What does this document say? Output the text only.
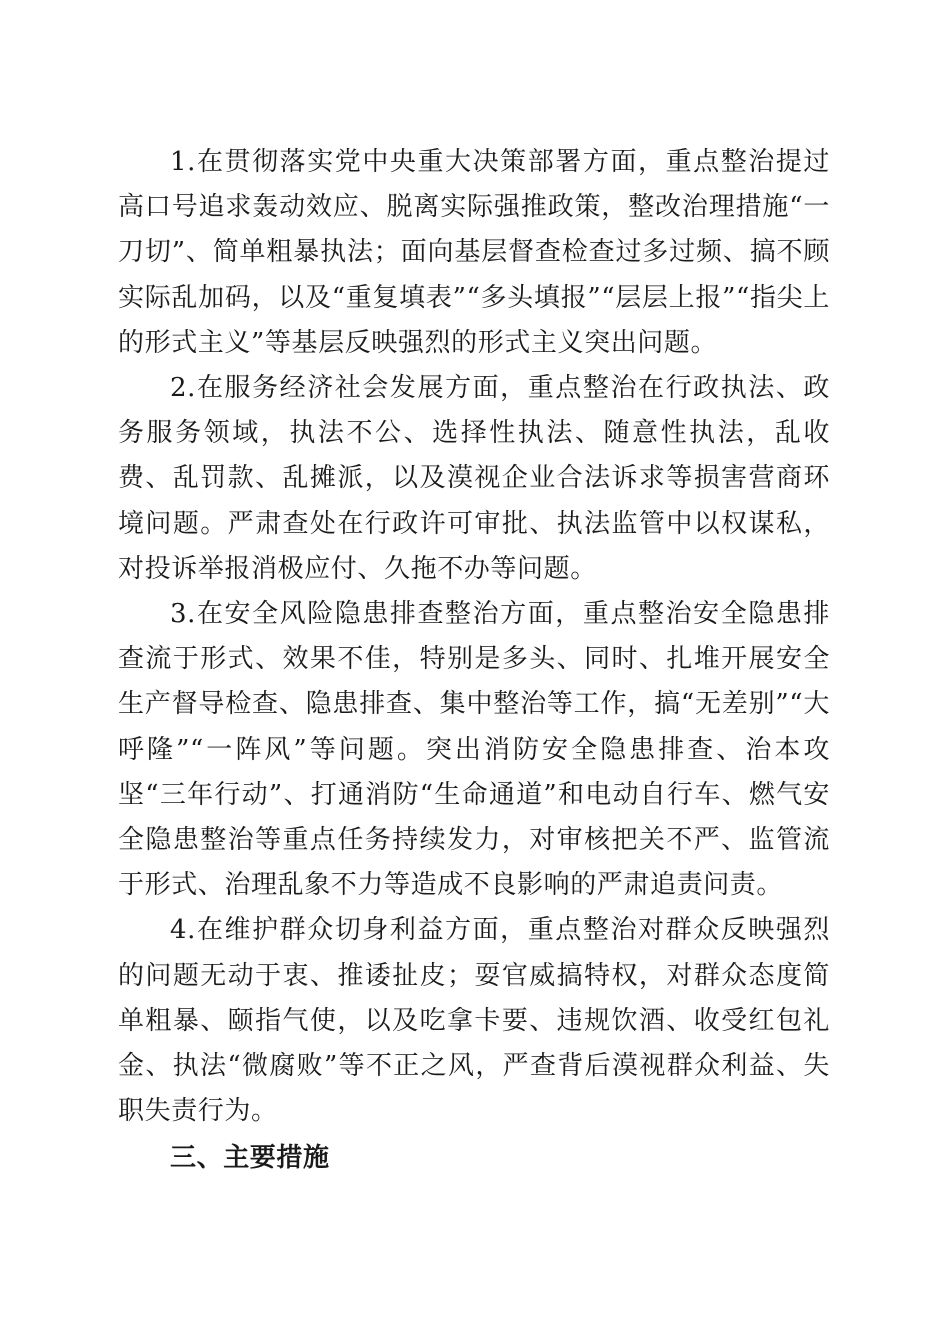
1.在贯彻落实党中央重大决策部署方面，重点整治提过高口号追求轰动效应、脱离实际强推政策，整改治理措施“一刀切”、简单粗暴执法；面向基层督查检查过多过频、搞不顾实际乱加码，以及“重复填表”“多头填报”“层层上报”“指尖上的形式主义”等基层反映强烈的形式主义突出问题。

2.在服务经济社会发展方面，重点整治在行政执法、政务服务领域，执法不公、选择性执法、随意性执法，乱收费、乱罚款、乱摊派，以及漠视企业合法诉求等损害营商环境问题。严肃查处在行政许可审批、执法监管中以权谋私，对投诉举报消极应付、久拖不办等问题。

3.在安全风险隐患排查整治方面，重点整治安全隐患排查流于形式、效果不佳，特别是多头、同时、扎堆开展安全生产督导检查、隐患排查、集中整治等工作，搞“无差别”“大呼隆”“一阵风”等问题。突出消防安全隐患排查、治本攻坚“三年行动”、打通消防“生命通道”和电动自行车、燃气安全隐患整治等重点任务持续发力，对审核把关不严、监管流于形式、治理乱象不力等造成不良影响的严肃追责问责。

4.在维护群众切身利益方面，重点整治对群众反映强烈的问题无动于衷、推诿扯皮；耍官威搞特权，对群众态度简单粗暴、颐指气使，以及吃拿卡要、违规饮酒、收受红包礼金、执法“微腐败”等不正之风，严查背后漠视群众利益、失职失责行为。

三、主要措施
